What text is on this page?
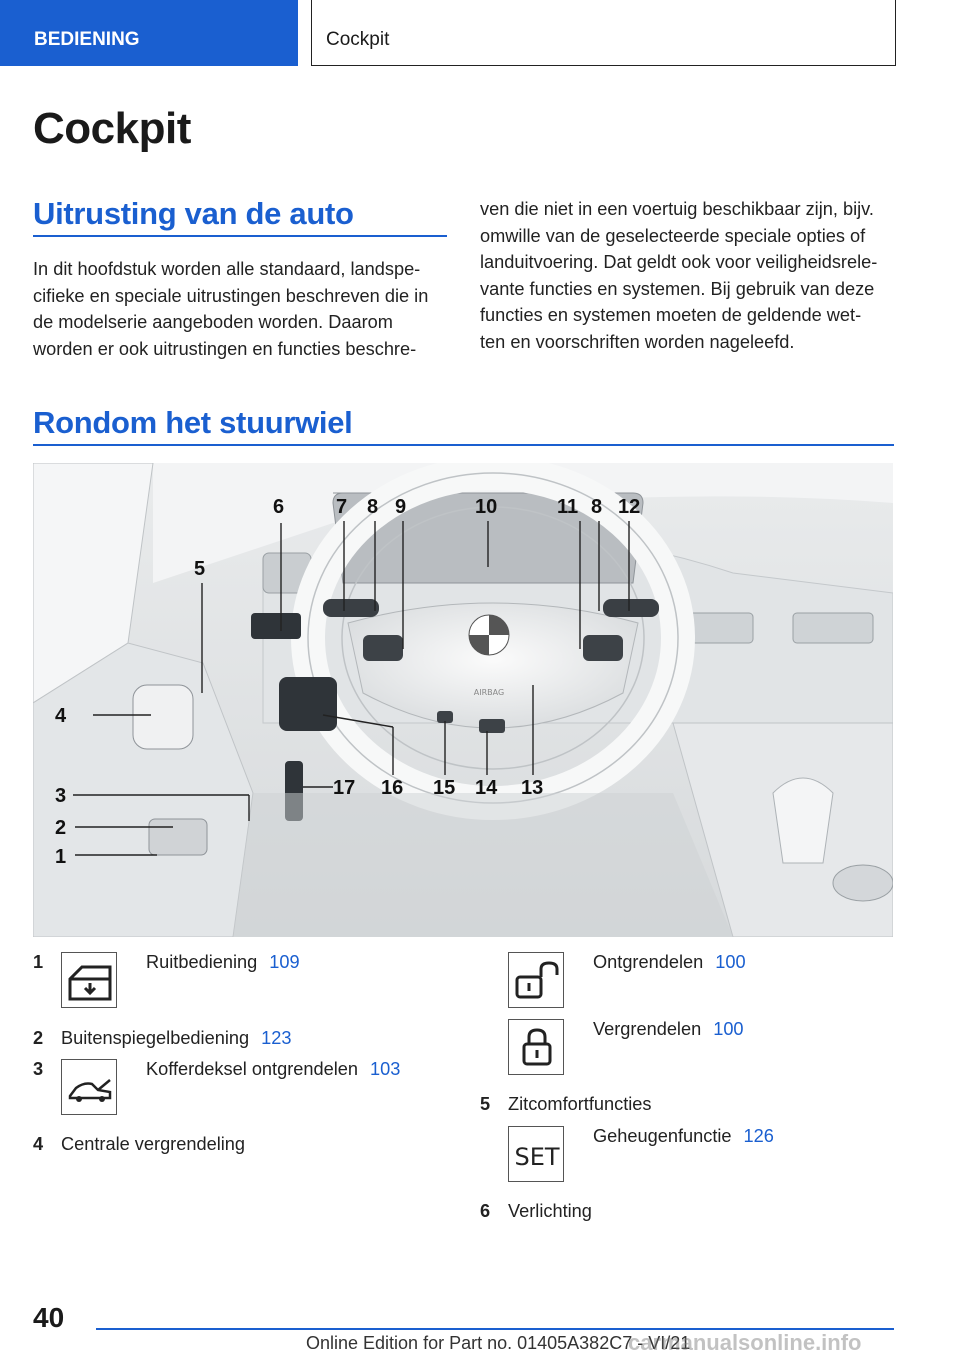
BEDIENING	Cockpit
Cockpit
Uitrusting van de auto
In dit hoofdstuk worden alle standaard, landspe-
cifieke en speciale uitrustingen beschreven die in
de modelserie aangeboden worden. Daarom
worden er ook uitrustingen en functies beschre-
ven die niet in een voertuig beschikbaar zijn, bijv.
omwille van de geselecteerde speciale opties of
landuitvoering. Dat geldt ook voor veiligheidsrele-
vante functies en systemen. Bij gebruik van deze
functies en systemen moeten de geldende wet-
ten en voorschriften worden nageleefd.
Rondom het stuurwiel
AIRBAG
6	7 8 9	10	11 8 12
5
4
3
2
1
17 16 15 14 13
1	Ruitbediening 109
2 Buitenspiegelbediening 123
3	Kofferdeksel ontgrendelen 103
4 Centrale vergrendeling
Ontgrendelen 100
Vergrendelen 100
5 Zitcomfortfuncties
SET
Geheugenfunctie 126
6 Verlichting
40
Online Edition for Part no. 01405A382C7 - VI/21
carmanualsonline.info
